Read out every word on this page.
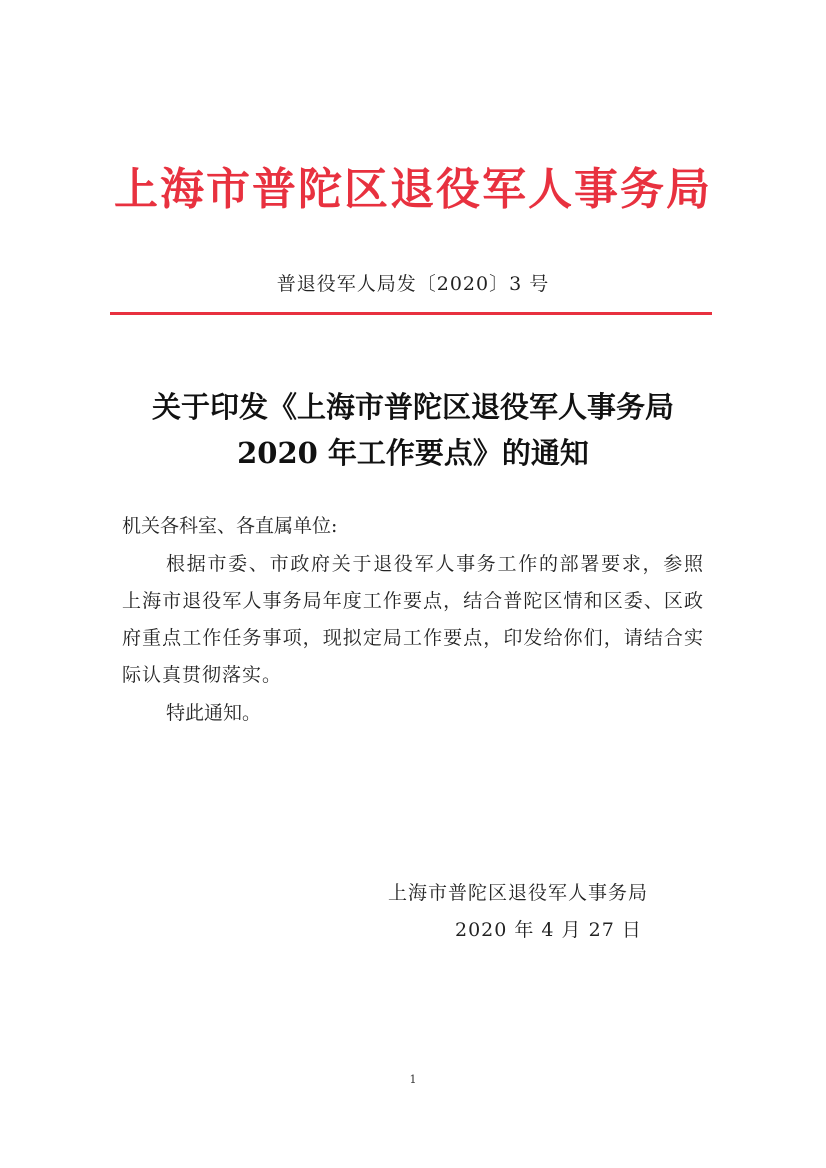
上海市普陀区退役军人事务局
普退役军人局发〔2020〕3 号
关于印发《上海市普陀区退役军人事务局
2020 年工作要点》的通知
机关各科室、各直属单位:
根据市委、市政府关于退役军人事务工作的部署要求，参照上海市退役军人事务局年度工作要点，结合普陀区情和区委、区政府重点工作任务事项，现拟定局工作要点，印发给你们，请结合实际认真贯彻落实。
特此通知。
上海市普陀区退役军人事务局
2020 年 4 月 27 日
1
